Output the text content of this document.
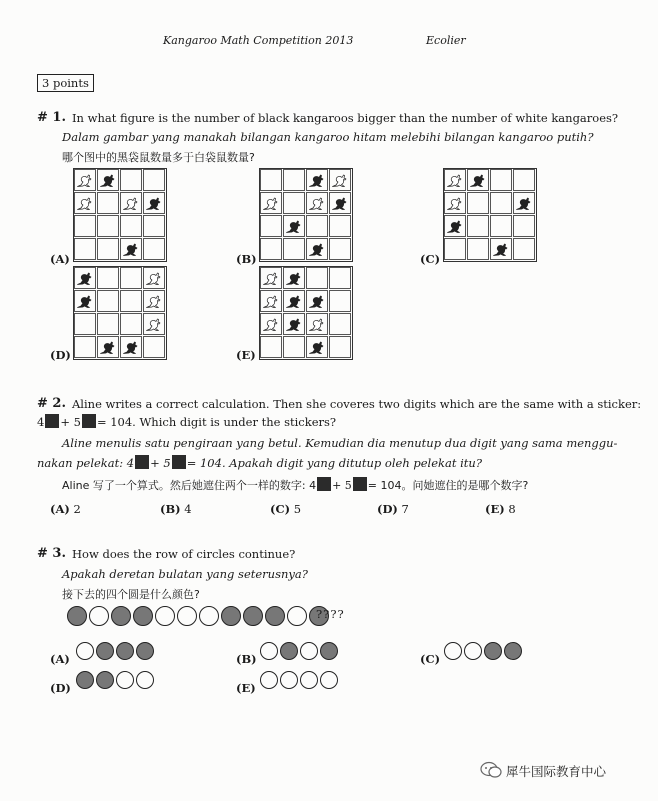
Kangaroo Math Competition 2013	Ecolier
3 points
# 1. In what figure is the number of black kangaroos bigger than the number of white kangaroes?
Dalam gambar yang manakah bilangan kangaroo hitam melebihi bilangan kangaroo putih?
哪个图中的黑袋鼠数量多于白袋鼠数量?
(A)	(B)	(C)
(D)	(E)
# 2. Aline writes a correct calculation. Then she coveres two digits which are the same with a sticker:
4 + 5 = 104. Which digit is under the stickers?
Aline menulis satu pengiraan yang betul. Kemudian dia menutup dua digit yang sama menggu-
nakan pelekat: 4 + 5 = 104. Apakah digit yang ditutup oleh pelekat itu?
Aline 写了一个算式。然后她遮住两个一样的数字: 4 + 5 = 104。问她遮住的是哪个数字?
(A) 2	(B) 4	(C) 5	(D) 7	(E) 8
# 3. How does the row of circles continue?
Apakah deretan bulatan yang seterusnya?
接下去的四个圆是什么颜色?
????
(A)	(B)	(C)
(D)	(E)
犀牛国际教育中心
